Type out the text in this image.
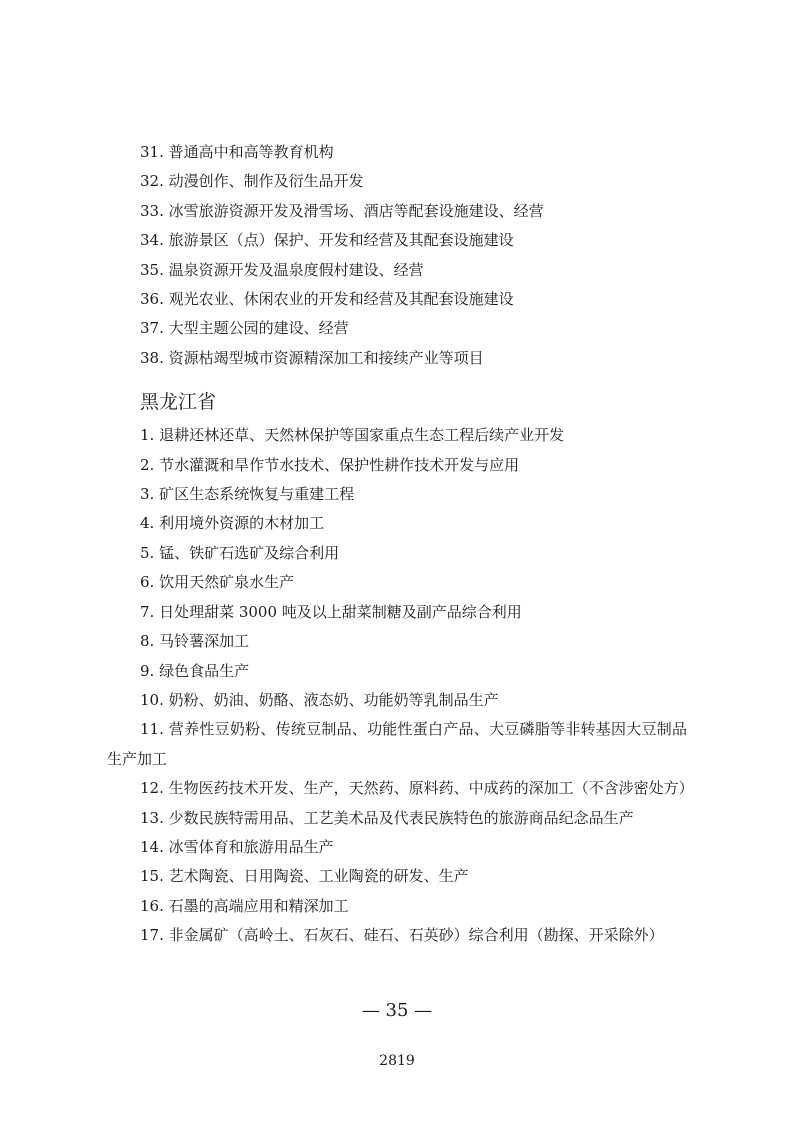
31. 普通高中和高等教育机构
32. 动漫创作、制作及衍生品开发
33. 冰雪旅游资源开发及滑雪场、酒店等配套设施建设、经营
34. 旅游景区（点）保护、开发和经营及其配套设施建设
35. 温泉资源开发及温泉度假村建设、经营
36. 观光农业、休闲农业的开发和经营及其配套设施建设
37. 大型主题公园的建设、经营
38. 资源枯竭型城市资源精深加工和接续产业等项目
黑龙江省
1. 退耕还林还草、天然林保护等国家重点生态工程后续产业开发
2. 节水灌溉和旱作节水技术、保护性耕作技术开发与应用
3. 矿区生态系统恢复与重建工程
4. 利用境外资源的木材加工
5. 锰、铁矿石选矿及综合利用
6. 饮用天然矿泉水生产
7. 日处理甜菜 3000 吨及以上甜菜制糖及副产品综合利用
8. 马铃薯深加工
9. 绿色食品生产
10. 奶粉、奶油、奶酪、液态奶、功能奶等乳制品生产
11. 营养性豆奶粉、传统豆制品、功能性蛋白产品、大豆磷脂等非转基因大豆制品生产加工
12. 生物医药技术开发、生产，天然药、原料药、中成药的深加工（不含涉密处方）
13. 少数民族特需用品、工艺美术品及代表民族特色的旅游商品纪念品生产
14. 冰雪体育和旅游用品生产
15. 艺术陶瓷、日用陶瓷、工业陶瓷的研发、生产
16. 石墨的高端应用和精深加工
17. 非金属矿（高岭土、石灰石、硅石、石英砂）综合利用（勘探、开采除外）
— 35 —
2819
